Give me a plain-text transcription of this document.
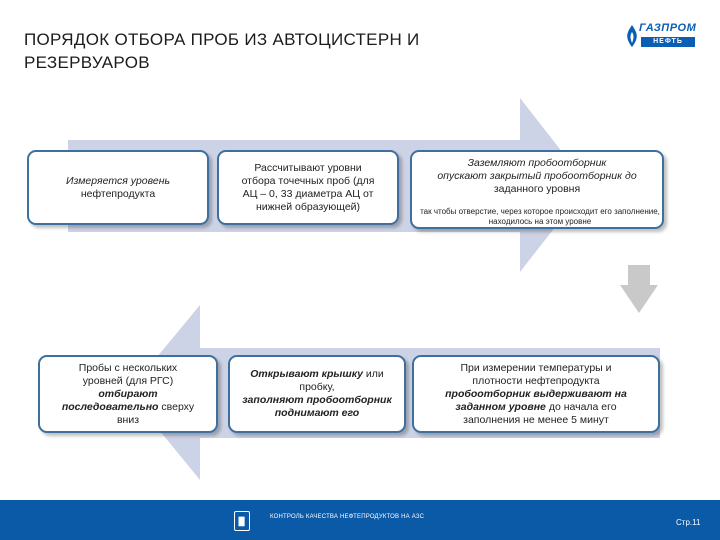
ПОРЯДОК ОТБОРА ПРОБ ИЗ АВТОЦИСТЕРН И РЕЗЕРВУАРОВ
ГАЗПРОМ
НЕФТЬ
Измеряется уровень
нефтепродукта
Рассчитывают уровни
отбора точечных проб (для
АЦ – 0, 33 диаметра АЦ от
нижней образующей)
Заземляют пробоотборник
опускают закрытый пробоотборник до
заданного уровня
так чтобы отверстие, через которое происходит его заполнение, находилось на этом уровне
Пробы с нескольких
уровней (для РГС)
отбирают
последовательно сверху
вниз
Открывают крышку или
пробку,
заполняют пробоотборник
поднимают его
При измерении температуры и
плотности нефтепродукта
пробоотборник выдерживают на
заданном уровне до начала его
заполнения не менее 5 минут
КОНТРОЛЬ КАЧЕСТВА НЕФТЕПРОДУКТОВ НА АЗС
Стр.11
